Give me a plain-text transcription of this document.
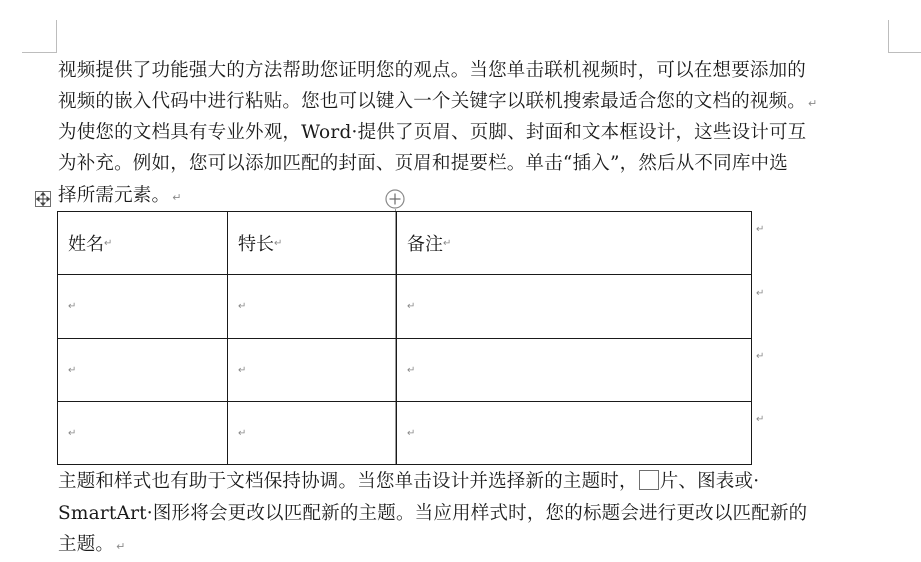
视频提供了功能强大的方法帮助您证明您的观点。当您单击联机视频时，可以在想要添加的
视频的嵌入代码中进行粘贴。您也可以键入一个关键字以联机搜索最适合您的文档的视频。 ↵
为使您的文档具有专业外观，Word·提供了页眉、页脚、封面和文本框设计，这些设计可互
为补充。例如，您可以添加匹配的封面、页眉和提要栏。单击“插入”，然后从不同库中选
择所需元素。 ↵
姓名 ↵	特长 ↵	备注 ↵
↵	↵	↵
↵	↵	↵
↵	↵	↵
↵
↵
↵
↵
主题和样式也有助于文档保持协调。当您单击设计并选择新的主题时， 片、图表或·
SmartArt·图形将会更改以匹配新的主题。当应用样式时，您的标题会进行更改以匹配新的
主题。 ↵
